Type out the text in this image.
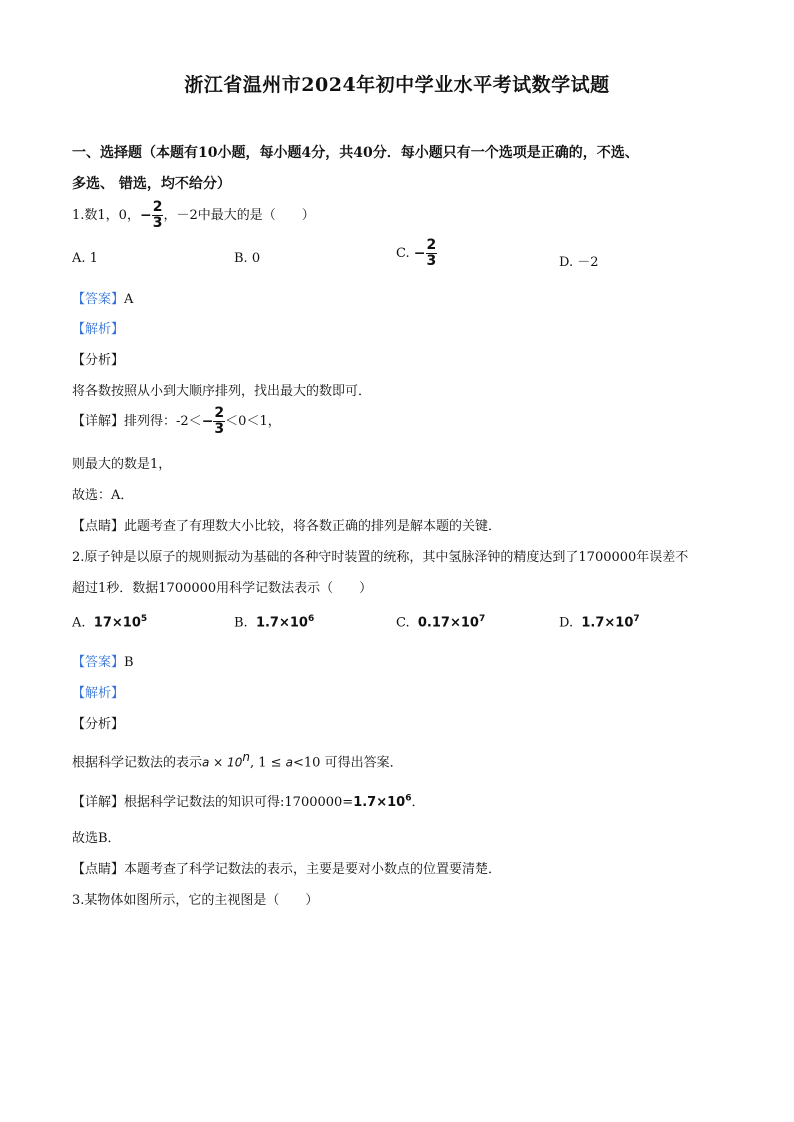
浙江省温州市2024年初中学业水平考试数学试题
一、选择题（本题有10小题，每小题4分，共40分．每小题只有一个选项是正确的，不选、
多选、 错选，均不给分）
1.数1，0，− $\frac{2}{3}$ ，－2中最大的是（　　）
A. 1	B. 0	C. − $\frac{2}{3}$	D. －2
【答案】A
【解析】
【分析】
将各数按照从小到大顺序排列，找出最大的数即可．
【详解】排列得：$-2<- \frac{2}{3} <0<1$，
则最大的数是1，
故选：A．
【点睛】此题考查了有理数大小比较，将各数正确的排列是解本题的关键．
2.原子钟是以原子的规则振动为基础的各种守时装置的统称，其中氢脉泽钟的精度达到了1700000年误差不
超过1秒．数据1700000用科学记数法表示（　　）
A. $17\times 10^5$	B. $1.7\times 10^6$	C. $0.17\times 10^7$	D. $1.7\times 10^7$
【答案】B
【解析】
【分析】
根据科学记数法的表示a × 10n, 1 ≤ a<10 可得出答案．
【详解】根据科学记数法的知识可得$:1700000=1.7\times 10^6$．
故选B．
【点睛】本题考查了科学记数法的表示，主要是要对小数点的位置要清楚．
3.某物体如图所示，它的主视图是（　　）
